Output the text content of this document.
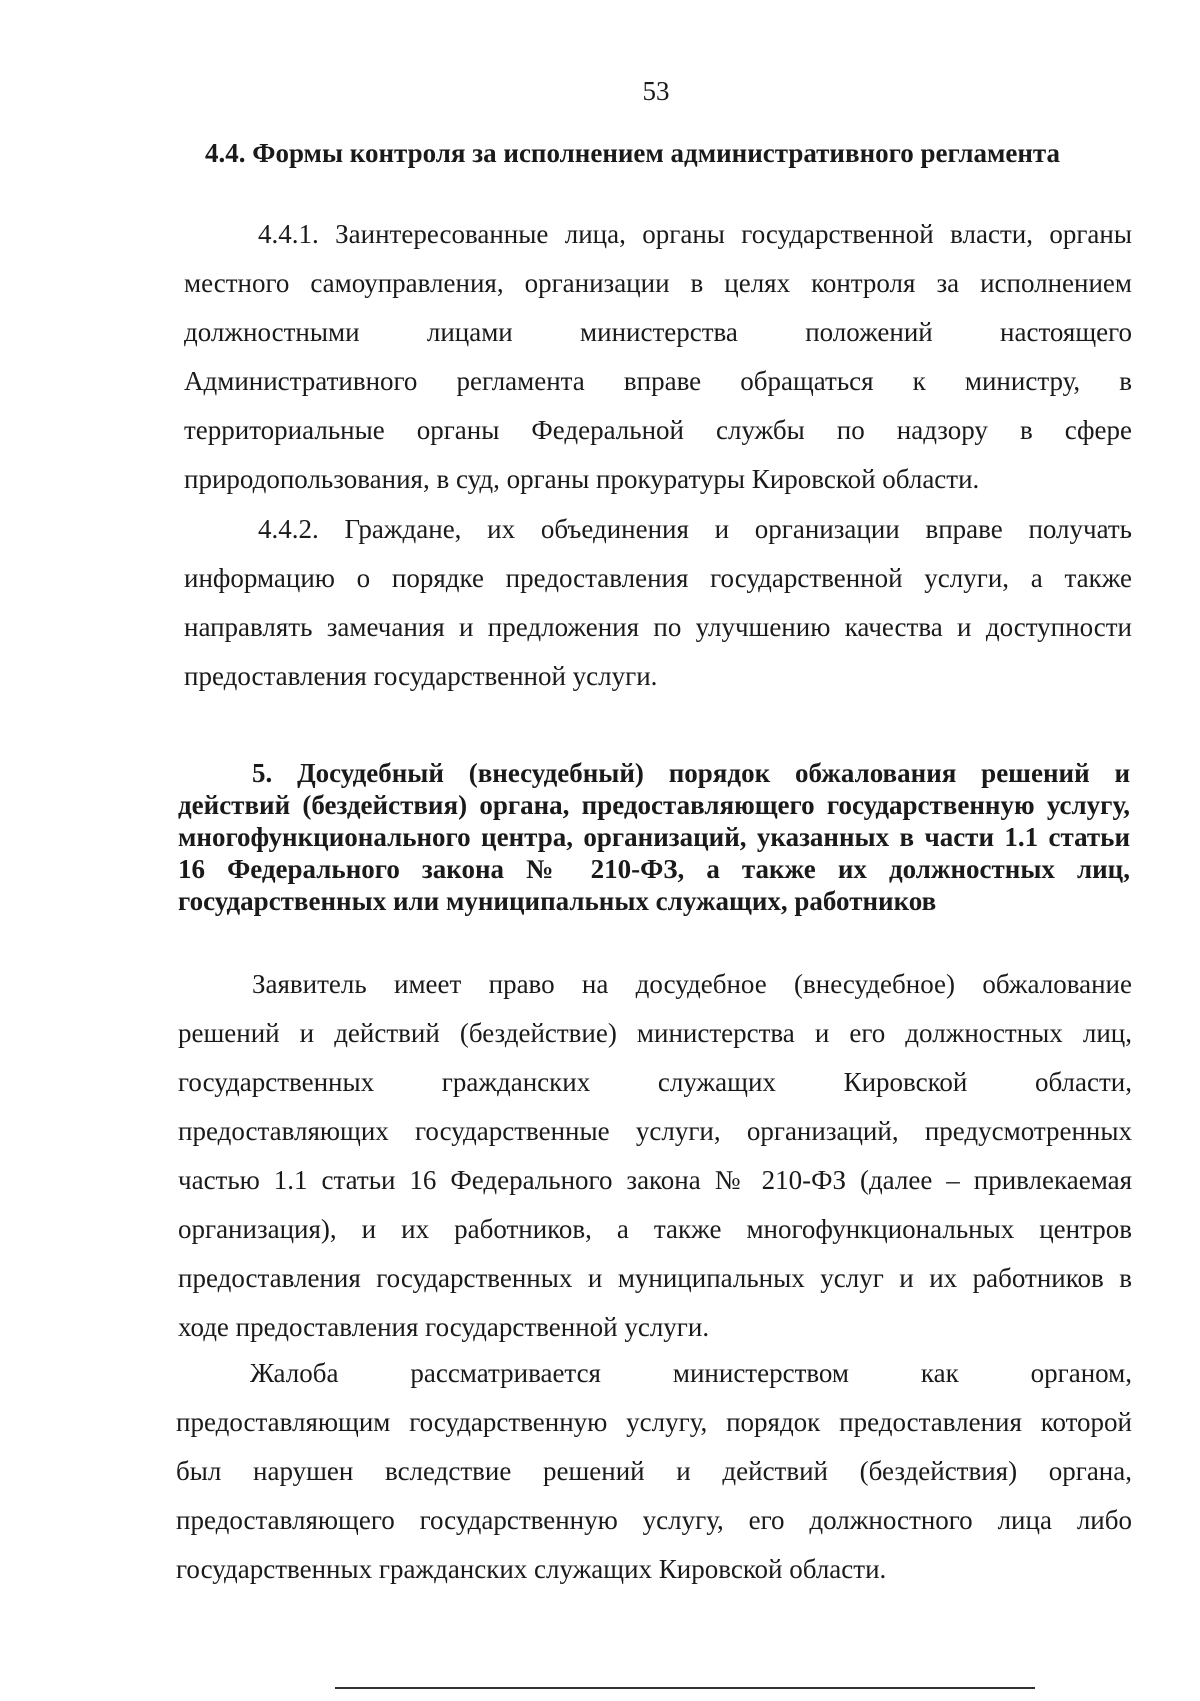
53
4.4. Формы контроля за исполнением административного регламента
4.4.1. Заинтересованные лица, органы государственной власти, органы
местного самоуправления, организации в целях контроля за исполнением
должностными лицами министерства положений настоящего
Административного регламента вправе обращаться к министру, в
территориальные органы Федеральной службы по надзору в сфере
природопользования, в суд, органы прокуратуры Кировской области.
4.4.2. Граждане, их объединения и организации вправе получать
информацию о порядке предоставления государственной услуги, а также
направлять замечания и предложения по улучшению качества и доступности
предоставления государственной услуги.
5. Досудебный (внесудебный) порядок обжалования решений и действий (бездействия) органа, предоставляющего государственную услугу, многофункционального центра, организаций, указанных в части 1.1 статьи 16 Федерального закона № 210-ФЗ, а также их должностных лиц, государственных или муниципальных служащих, работников
Заявитель имеет право на досудебное (внесудебное) обжалование
решений и действий (бездействие) министерства и его должностных лиц,
государственных гражданских служащих Кировской области,
предоставляющих государственные услуги, организаций, предусмотренных
частью 1.1 статьи 16 Федерального закона № 210-ФЗ (далее – привлекаемая
организация), и их работников, а также многофункциональных центров
предоставления государственных и муниципальных услуг и их работников в
ходе предоставления государственной услуги.
Жалоба рассматривается министерством как органом,
предоставляющим государственную услугу, порядок предоставления которой
был нарушен вследствие решений и действий (бездействия) органа,
предоставляющего государственную услугу, его должностного лица либо
государственных гражданских служащих Кировской области.
